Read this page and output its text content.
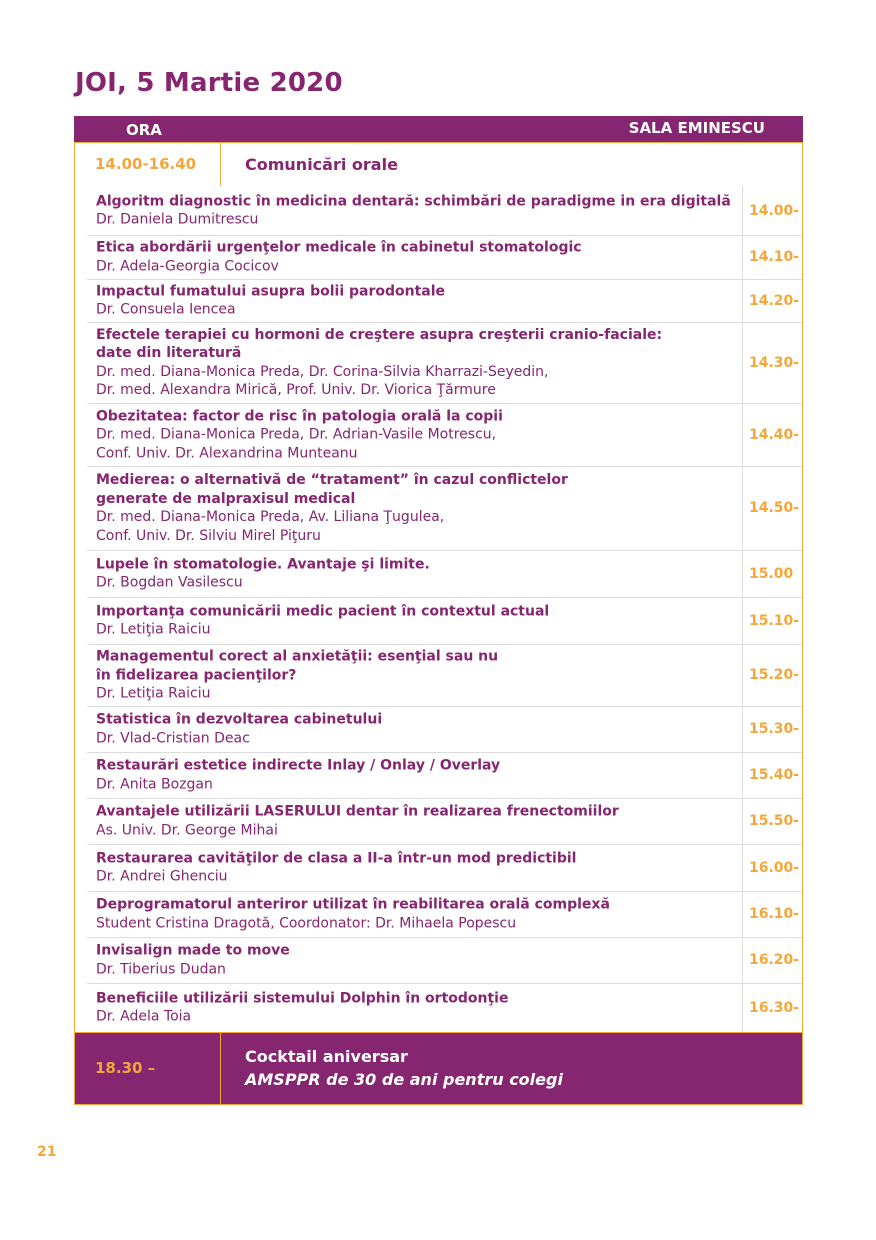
JOI, 5 Martie 2020
ORA	SALA EMINESCU
14.00-16.40	Comunicări orale
Algoritm diagnostic în medicina dentară: schimbări de paradigme in era digitală
Dr. Daniela Dumitrescu
14.00-
Etica abordării urgenţelor medicale în cabinetul stomatologic
Dr. Adela-Georgia Cocicov
14.10-
Impactul fumatului asupra bolii parodontale
Dr. Consuela Iencea
14.20-
Efectele terapiei cu hormoni de creştere asupra creşterii cranio-faciale:
date din literatură
Dr. med. Diana-Monica Preda, Dr. Corina-Silvia Kharrazi-Seyedin,
Dr. med. Alexandra Mirică, Prof. Univ. Dr. Viorica Ţărmure
14.30-
Obezitatea: factor de risc în patologia orală la copii
Dr. med. Diana-Monica Preda, Dr. Adrian-Vasile Motrescu,
Conf. Univ. Dr. Alexandrina Munteanu
14.40-
Medierea: o alternativă de “tratament” în cazul conflictelor
generate de malpraxisul medical
Dr. med. Diana-Monica Preda, Av. Liliana Ţugulea,
Conf. Univ. Dr. Silviu Mirel Piţuru
14.50-
Lupele în stomatologie. Avantaje şi limite.
Dr. Bogdan Vasilescu
15.00
Importanţa comunicării medic pacient în contextul actual
Dr. Letiţia Raiciu
15.10-
Managementul corect al anxietăţii: esenţial sau nu
în fidelizarea pacienţilor?
Dr. Letiţia Raiciu
15.20-
Statistica în dezvoltarea cabinetului
Dr. Vlad-Cristian Deac
15.30-
Restaurări estetice indirecte Inlay / Onlay / Overlay
Dr. Anita Bozgan
15.40-
Avantajele utilizării LASERULUI dentar în realizarea frenectomiilor
As. Univ. Dr. George Mihai
15.50-
Restaurarea cavităţilor de clasa a II-a într-un mod predictibil
Dr. Andrei Ghenciu
16.00-
Deprogramatorul anteriror utilizat în reabilitarea orală complexă
Student Cristina Dragotă, Coordonator: Dr. Mihaela Popescu
16.10-
Invisalign made to move
Dr. Tiberius Dudan
16.20-
Beneficiile utilizării sistemului Dolphin în ortodonţie
Dr. Adela Toia
16.30-
18.30 –
Cocktail aniversar
AMSPPR de 30 de ani pentru colegi
21
